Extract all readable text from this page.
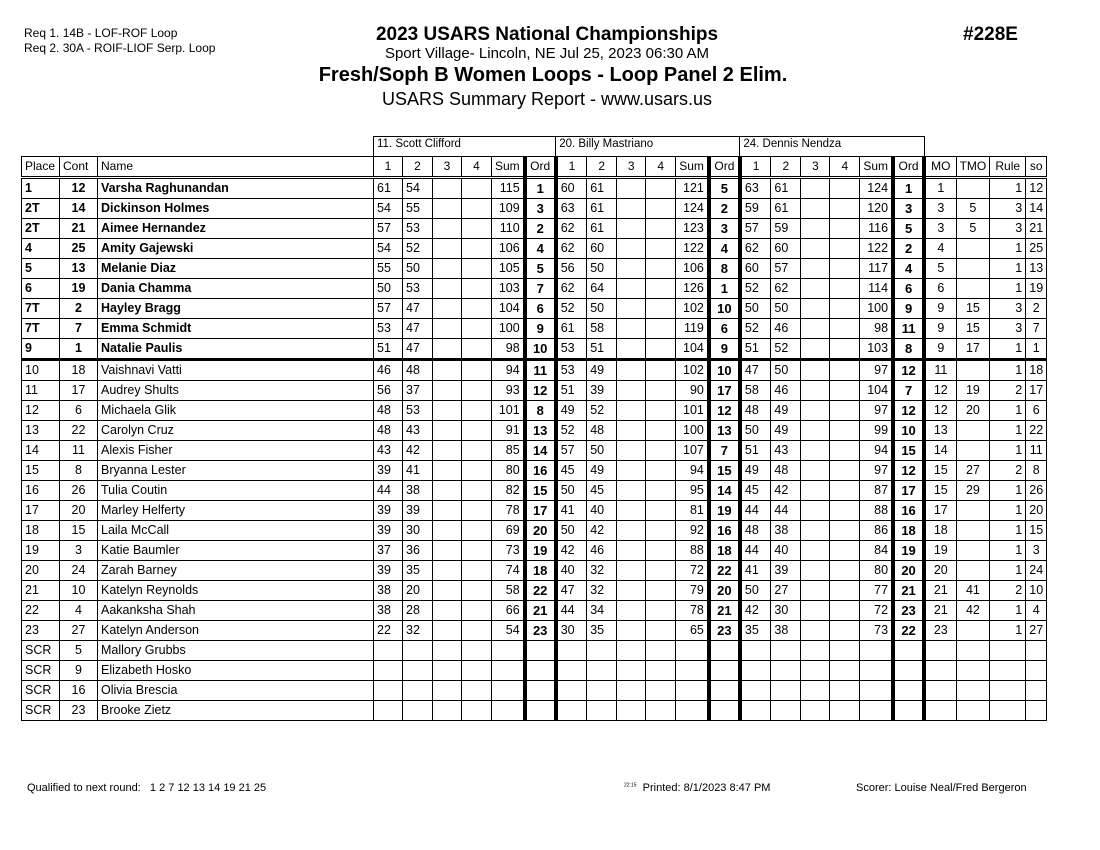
Req 1. 14B - LOF-ROF Loop
Req 2. 30A - ROIF-LIOF Serp. Loop
2023 USARS National Championships
Sport Village- Lincoln, NE Jul 25, 2023 06:30 AM
Fresh/Soph B Women Loops - Loop Panel 2 Elim.
USARS Summary Report - www.usars.us
#228E
			11. Scott Clifford						20. Billy Mastriano						24. Dennis Nendza									
Place	Cont	Name	1	2	3	4	Sum	Ord	1	2	3	4	Sum	Ord	1	2	3	4	Sum	Ord	MO	TMO	Rule	so
1	12	Varsha Raghunandan	61	54			115	1	60	61			121	5	63	61			124	1	1		1	12
2T	14	Dickinson Holmes	54	55			109	3	63	61			124	2	59	61			120	3	3	5	3	14
2T	21	Aimee Hernandez	57	53			110	2	62	61			123	3	57	59			116	5	3	5	3	21
4	25	Amity Gajewski	54	52			106	4	62	60			122	4	62	60			122	2	4		1	25
5	13	Melanie Diaz	55	50			105	5	56	50			106	8	60	57			117	4	5		1	13
6	19	Dania Chamma	50	53			103	7	62	64			126	1	52	62			114	6	6		1	19
7T	2	Hayley Bragg	57	47			104	6	52	50			102	10	50	50			100	9	9	15	3	2
7T	7	Emma Schmidt	53	47			100	9	61	58			119	6	52	46			98	11	9	15	3	7
9	1	Natalie Paulis	51	47			98	10	53	51			104	9	51	52			103	8	9	17	1	1
10	18	Vaishnavi Vatti	46	48			94	11	53	49			102	10	47	50			97	12	11		1	18
11	17	Audrey Shults	56	37			93	12	51	39			90	17	58	46			104	7	12	19	2	17
12	6	Michaela Glik	48	53			101	8	49	52			101	12	48	49			97	12	12	20	1	6
13	22	Carolyn Cruz	48	43			91	13	52	48			100	13	50	49			99	10	13		1	22
14	11	Alexis Fisher	43	42			85	14	57	50			107	7	51	43			94	15	14		1	11
15	8	Bryanna Lester	39	41			80	16	45	49			94	15	49	48			97	12	15	27	2	8
16	26	Tulia Coutin	44	38			82	15	50	45			95	14	45	42			87	17	15	29	1	26
17	20	Marley Helferty	39	39			78	17	41	40			81	19	44	44			88	16	17		1	20
18	15	Laila McCall	39	30			69	20	50	42			92	16	48	38			86	18	18		1	15
19	3	Katie Baumler	37	36			73	19	42	46			88	18	44	40			84	19	19		1	3
20	24	Zarah Barney	39	35			74	18	40	32			72	22	41	39			80	20	20		1	24
21	10	Katelyn Reynolds	38	20			58	22	47	32			79	20	50	27			77	21	21	41	2	10
22	4	Aakanksha Shah	38	28			66	21	44	34			78	21	42	30			72	23	21	42	1	4
23	27	Katelyn Anderson	22	32			54	23	30	35			65	23	35	38			73	22	23		1	27
SCR	5	Mallory Grubbs																						
SCR	9	Elizabeth Hosko																						
SCR	16	Olivia Brescia																						
SCR	23	Brooke Zietz																						
Qualified to next round: 1 2 7 12 13 14 19 21 25	$^{22:15}$ Printed: 8/1/2023 8:47 PM	Scorer: Louise Neal/Fred Bergeron
